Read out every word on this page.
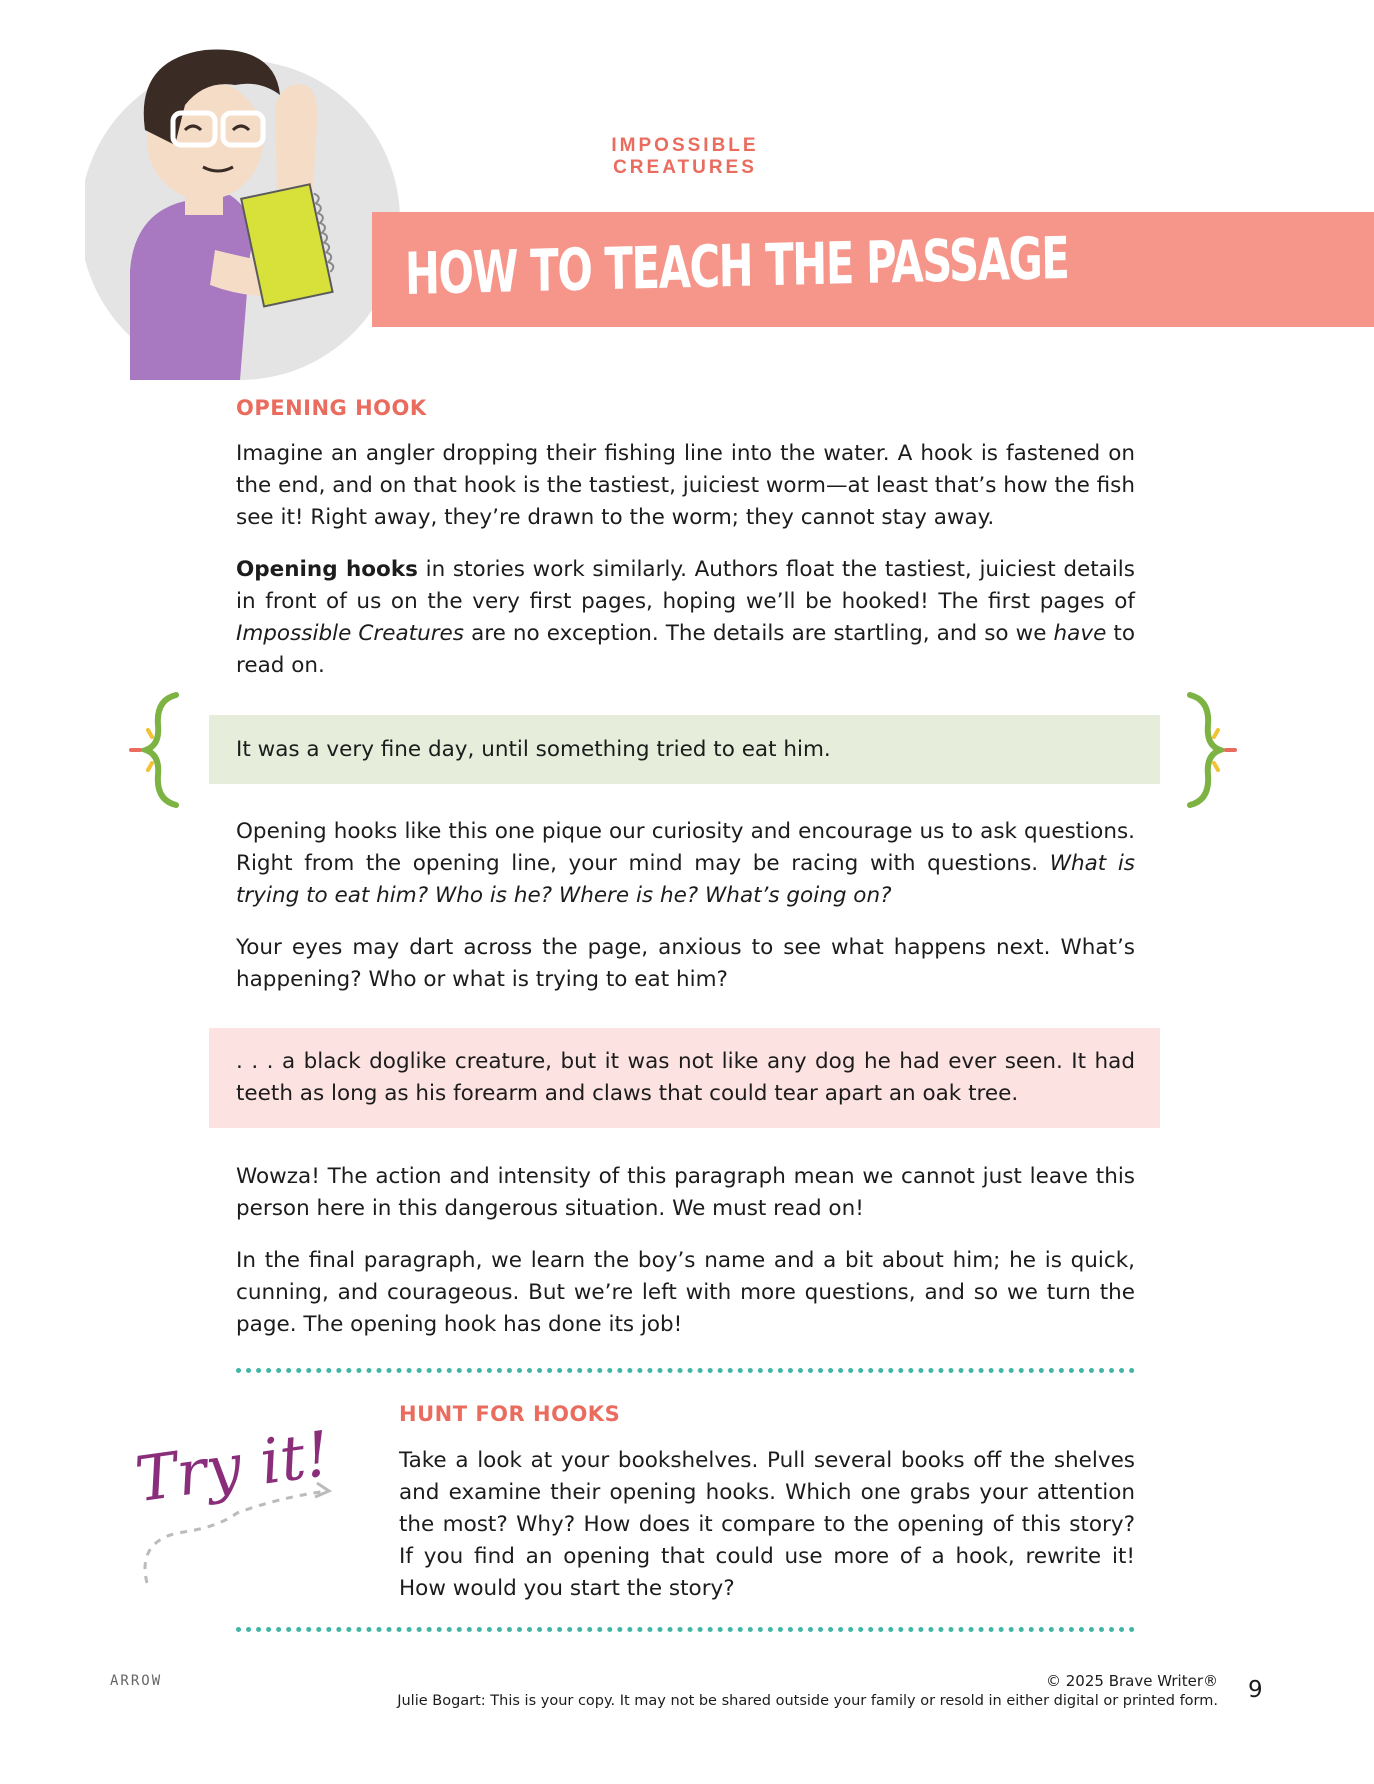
IMPOSSIBLE CREATURES
HOW TO TEACH THE PASSAGE
OPENING HOOK

Imagine an angler dropping their fishing line into the water. A hook is fastened on the end, and on that hook is the tastiest, juiciest worm—at least that’s how the fish see it! Right away, they’re drawn to the worm; they cannot stay away.

Opening hooks in stories work similarly. Authors float the tastiest, juiciest details in front of us on the very first pages, hoping we’ll be hooked! The first pages of Impossible Creatures are no exception. The details are startling, and so we have to read on.

It was a very fine day, until something tried to eat him.

Opening hooks like this one pique our curiosity and encourage us to ask questions. Right from the opening line, your mind may be racing with questions. What is trying to eat him? Who is he? Where is he? What’s going on?

Your eyes may dart across the page, anxious to see what happens next. What’s happening? Who or what is trying to eat him?

. . . a black doglike creature, but it was not like any dog he had ever seen. It had teeth as long as his forearm and claws that could tear apart an oak tree.

Wowza! The action and intensity of this paragraph mean we cannot just leave this person here in this dangerous situation. We must read on!

In the final paragraph, we learn the boy’s name and a bit about him; he is quick, cunning, and courageous. But we’re left with more questions, and so we turn the page. The opening hook has done its job!

Try it!
HUNT FOR HOOKS

Take a look at your bookshelves. Pull several books off the shelves and examine their opening hooks. Which one grabs your attention the most? Why? How does it compare to the opening of this story? If you find an opening that could use more of a hook, rewrite it! How would you start the story?

ARROW	© 2025 Brave Writer®
Julie Bogart: This is your copy. It may not be shared outside your family or resold in either digital or printed form. 9
